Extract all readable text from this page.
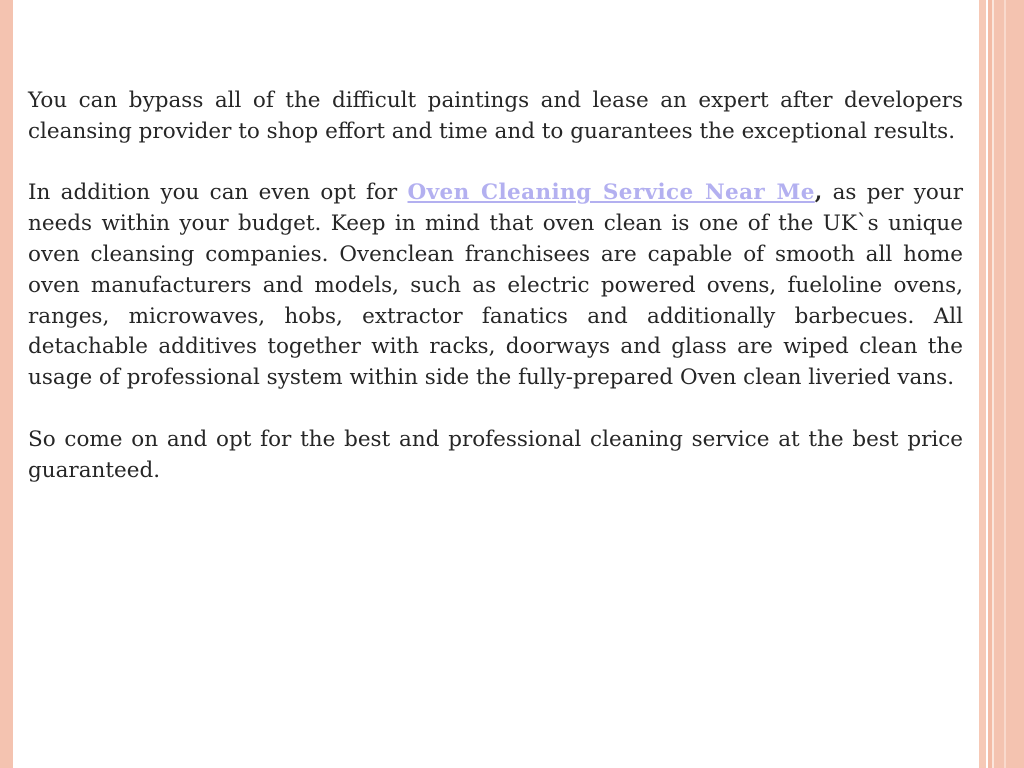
You can bypass all of the difficult paintings and lease an expert after developers cleansing provider to shop effort and time and to guarantees the exceptional results.

In addition you can even opt for Oven Cleaning Service Near Me, as per your needs within your budget. Keep in mind that oven clean is one of the UK`s unique oven cleansing companies. Ovenclean franchisees are capable of smooth all home oven manufacturers and models, such as electric powered ovens, fueloline ovens, ranges, microwaves, hobs, extractor fanatics and additionally barbecues. All detachable additives together with racks, doorways and glass are wiped clean the usage of professional system within side the fully-prepared Oven clean liveried vans.

So come on and opt for the best and professional cleaning service at the best price guaranteed.
